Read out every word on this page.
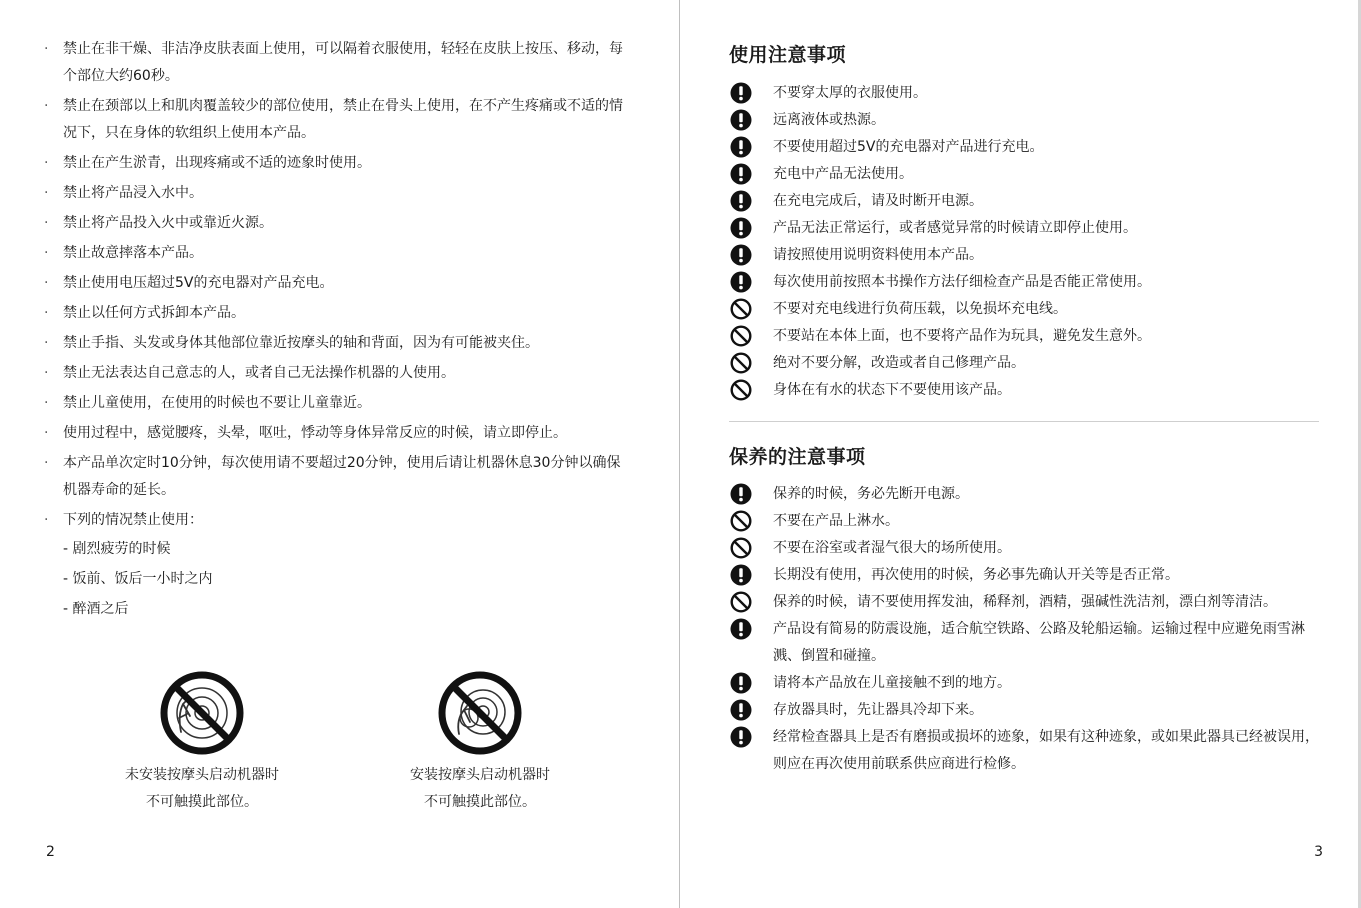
· 禁止在非干燥、非洁净皮肤表面上使用，可以隔着衣服使用，轻轻在皮肤上按压、移动，每个部位大约60秒。
· 禁止在颈部以上和肌肉覆盖较少的部位使用，禁止在骨头上使用，在不产生疼痛或不适的情况下，只在身体的软组织上使用本产品。
· 禁止在产生淤青，出现疼痛或不适的迹象时使用。
· 禁止将产品浸入水中。
· 禁止将产品投入火中或靠近火源。
· 禁止故意摔落本产品。
· 禁止使用电压超过5V的充电器对产品充电。
· 禁止以任何方式拆卸本产品。
· 禁止手指、头发或身体其他部位靠近按摩头的轴和背面，因为有可能被夹住。
· 禁止无法表达自己意志的人，或者自己无法操作机器的人使用。
· 禁止儿童使用，在使用的时候也不要让儿童靠近。
· 使用过程中，感觉腰疼，头晕，呕吐，悸动等身体异常反应的时候，请立即停止。
· 本产品单次定时10分钟，每次使用请不要超过20分钟，使用后请让机器休息30分钟以确保机器寿命的延长。
· 下列的情况禁止使用：
- 剧烈疲劳的时候
- 饭前、饭后一小时之内
- 醉酒之后
未安装按摩头启动机器时
不可触摸此部位。
安装按摩头启动机器时
不可触摸此部位。
2
使用注意事项
不要穿太厚的衣服使用。
远离液体或热源。
不要使用超过5V的充电器对产品进行充电。
充电中产品无法使用。
在充电完成后，请及时断开电源。
产品无法正常运行，或者感觉异常的时候请立即停止使用。
请按照使用说明资料使用本产品。
每次使用前按照本书操作方法仔细检查产品是否能正常使用。
不要对充电线进行负荷压载，以免损坏充电线。
不要站在本体上面，也不要将产品作为玩具，避免发生意外。
绝对不要分解，改造或者自己修理产品。
身体在有水的状态下不要使用该产品。
保养的注意事项
保养的时候，务必先断开电源。
不要在产品上淋水。
不要在浴室或者湿气很大的场所使用。
长期没有使用，再次使用的时候，务必事先确认开关等是否正常。
保养的时候，请不要使用挥发油，稀释剂，酒精，强碱性洗洁剂，漂白剂等清洁。
产品设有简易的防震设施，适合航空铁路、公路及轮船运输。运输过程中应避免雨雪淋溅、倒置和碰撞。
请将本产品放在儿童接触不到的地方。
存放器具时，先让器具冷却下来。
经常检查器具上是否有磨损或损坏的迹象，如果有这种迹象，或如果此器具已经被误用，则应在再次使用前联系供应商进行检修。
3
